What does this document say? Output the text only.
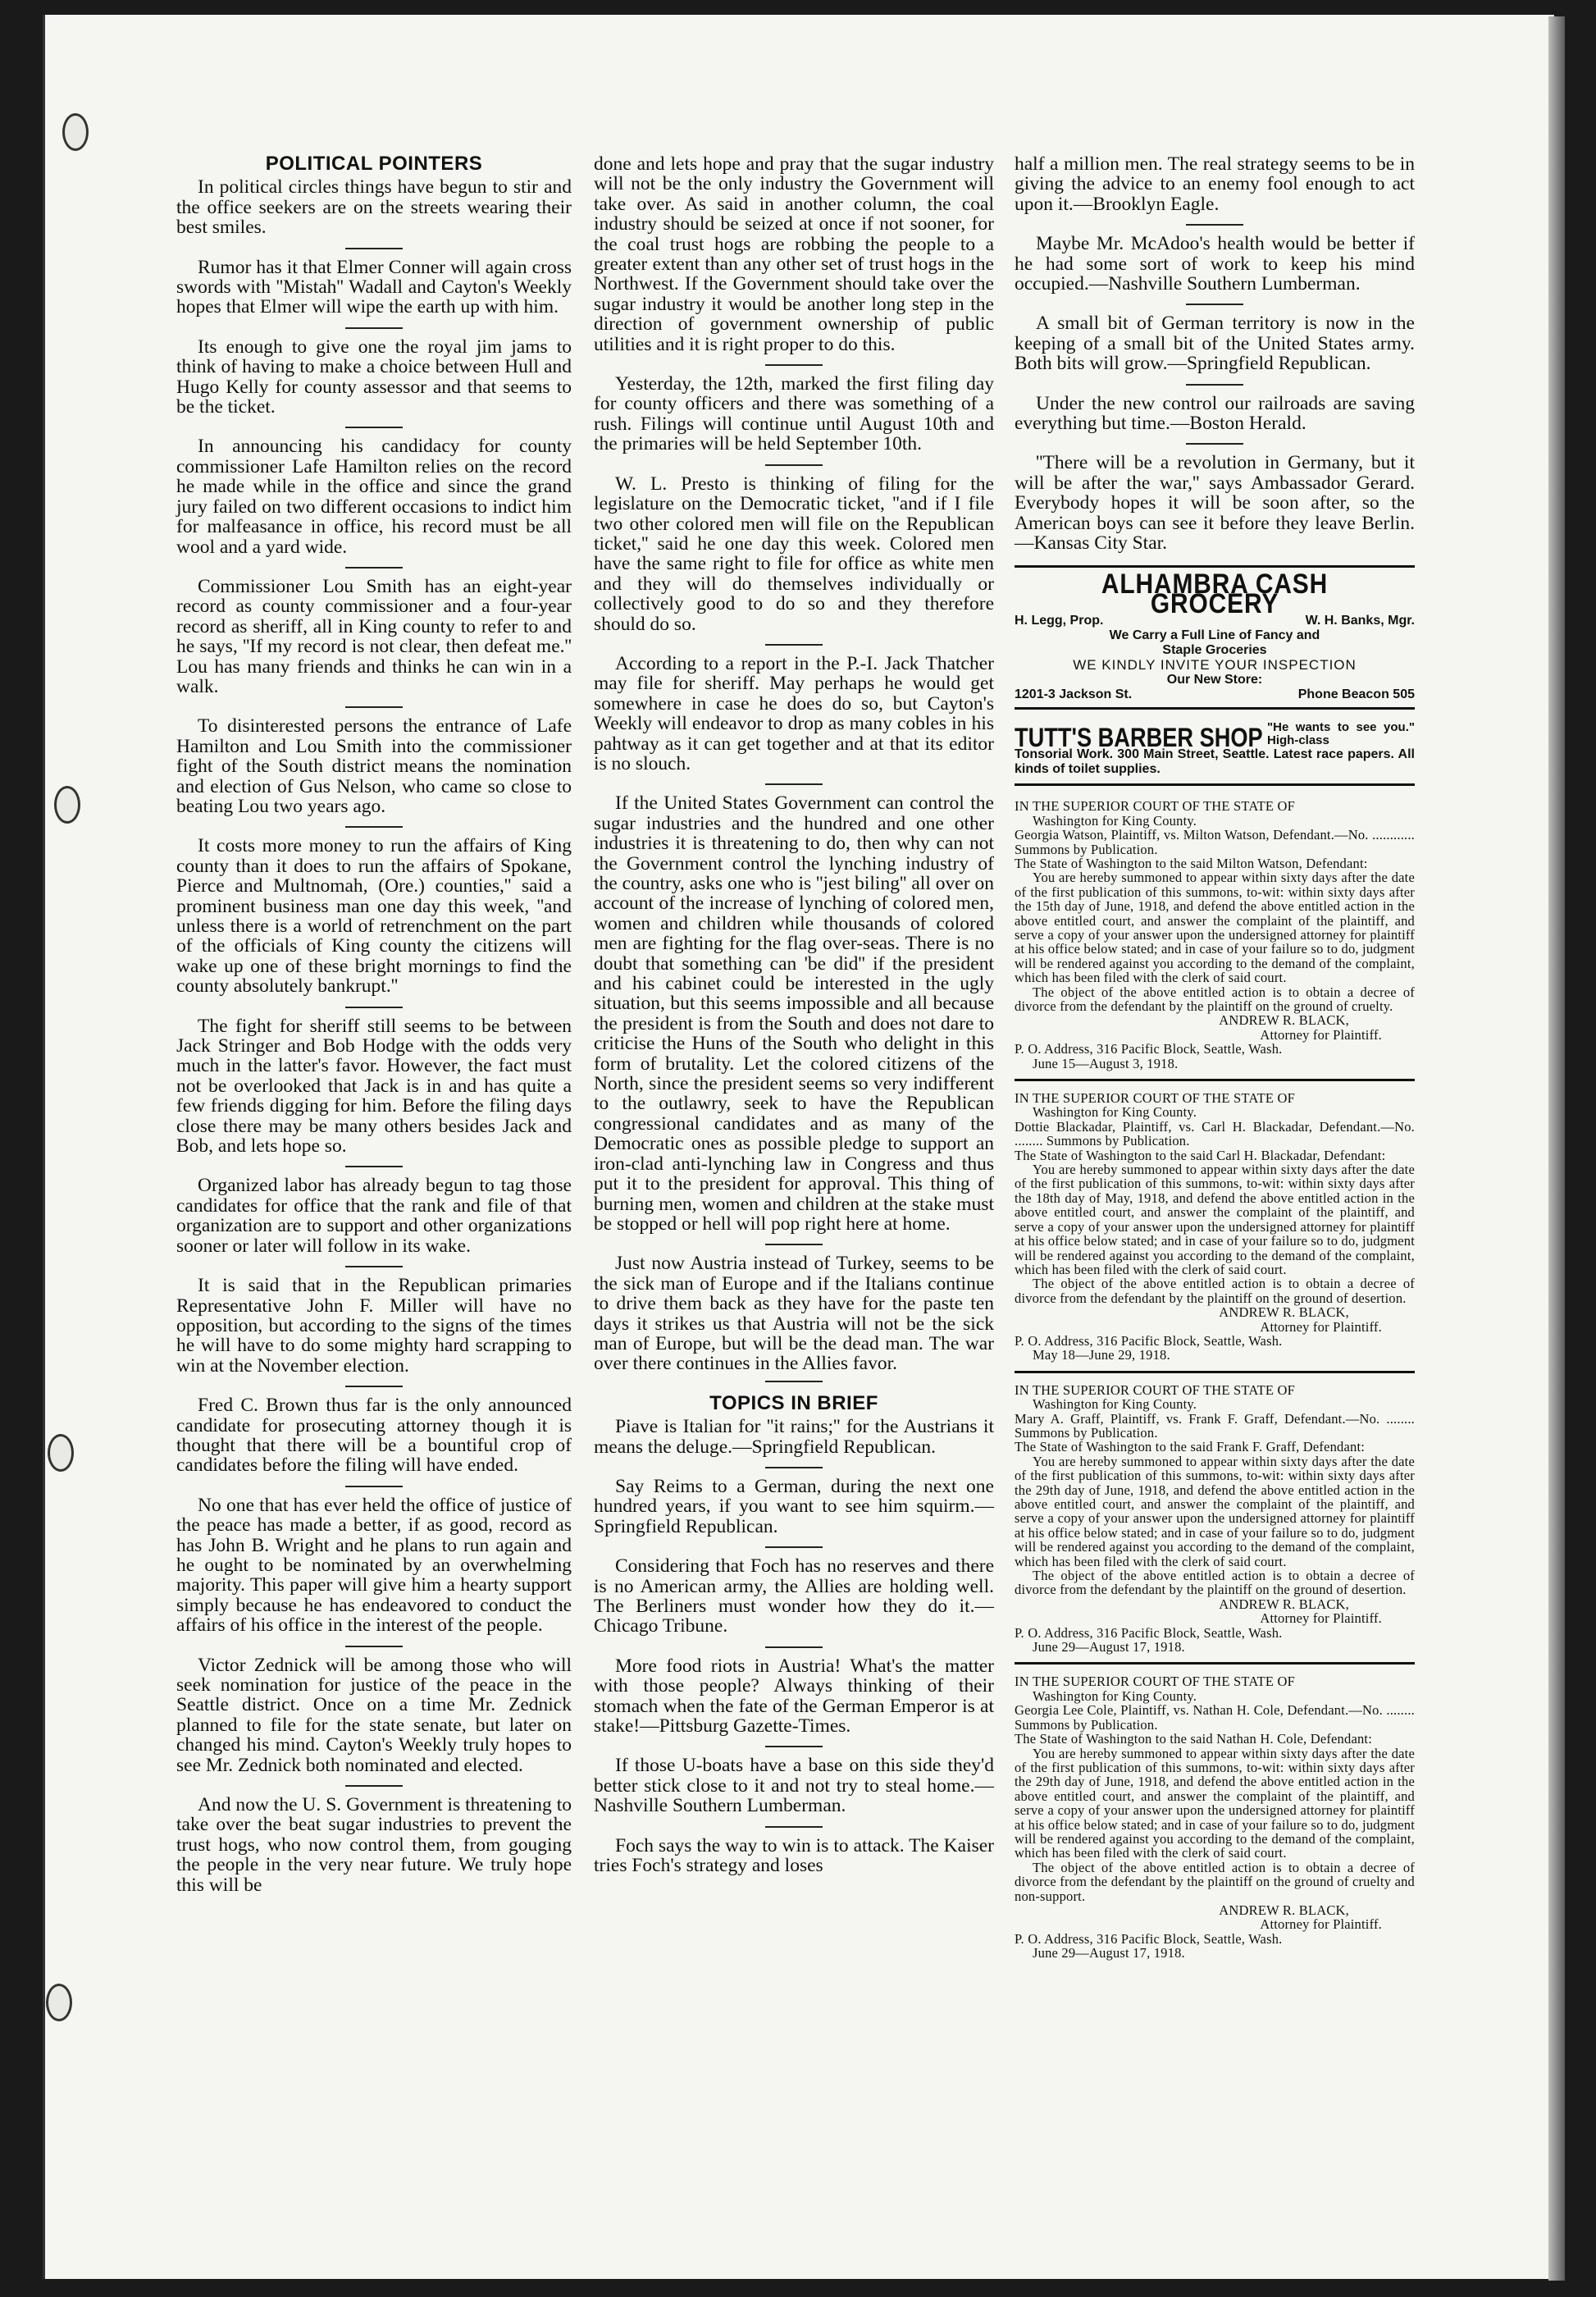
POLITICAL POINTERS

In political circles things have begun to stir and the office seekers are on the streets wearing their best smiles.

Rumor has it that Elmer Conner will again cross swords with ''Mistah'' Wadall and Cayton's Weekly hopes that Elmer will wipe the earth up with him.

Its enough to give one the royal jim jams to think of having to make a choice between Hull and Hugo Kelly for county assessor and that seems to be the ticket.

In announcing his candidacy for county commissioner Lafe Hamilton relies on the record he made while in the office and since the grand jury failed on two different occasions to indict him for malfeasance in office, his record must be all wool and a yard wide.

Commissioner Lou Smith has an eight-year record as county commissioner and a four-year record as sheriff, all in King county to refer to and he says, ''If my record is not clear, then defeat me.'' Lou has many friends and thinks he can win in a walk.

To disinterested persons the entrance of Lafe Hamilton and Lou Smith into the commissioner fight of the South district means the nomination and election of Gus Nelson, who came so close to beating Lou two years ago.

It costs more money to run the affairs of King county than it does to run the affairs of Spokane, Pierce and Multnomah, (Ore.) counties,'' said a prominent business man one day this week, ''and unless there is a world of retrenchment on the part of the officials of King county the citizens will wake up one of these bright mornings to find the county absolutely bankrupt.''

The fight for sheriff still seems to be between Jack Stringer and Bob Hodge with the odds very much in the latter's favor. However, the fact must not be overlooked that Jack is in and has quite a few friends digging for him. Before the filing days close there may be many others besides Jack and Bob, and lets hope so.

Organized labor has already begun to tag those candidates for office that the rank and file of that organization are to support and other organizations sooner or later will follow in its wake.

It is said that in the Republican primaries Representative John F. Miller will have no opposition, but according to the signs of the times he will have to do some mighty hard scrapping to win at the November election.

Fred C. Brown thus far is the only announced candidate for prosecuting attorney though it is thought that there will be a bountiful crop of candidates before the filing will have ended.

No one that has ever held the office of justice of the peace has made a better, if as good, record as has John B. Wright and he plans to run again and he ought to be nominated by an overwhelming majority. This paper will give him a hearty support simply because he has endeavored to conduct the affairs of his office in the interest of the people.

Victor Zednick will be among those who will seek nomination for justice of the peace in the Seattle district. Once on a time Mr. Zednick planned to file for the state senate, but later on changed his mind. Cayton's Weekly truly hopes to see Mr. Zednick both nominated and elected.

And now the U. S. Government is threatening to take over the beat sugar industries to prevent the trust hogs, who now control them, from gouging the people in the very near future. We truly hope this will be

done and lets hope and pray that the sugar industry will not be the only industry the Government will take over. As said in another column, the coal industry should be seized at once if not sooner, for the coal trust hogs are robbing the people to a greater extent than any other set of trust hogs in the Northwest. If the Government should take over the sugar industry it would be another long step in the direction of government ownership of public utilities and it is right proper to do this.

Yesterday, the 12th, marked the first filing day for county officers and there was something of a rush. Filings will continue until August 10th and the primaries will be held September 10th.

W. L. Presto is thinking of filing for the legislature on the Democratic ticket, ''and if I file two other colored men will file on the Republican ticket,'' said he one day this week. Colored men have the same right to file for office as white men and they will do themselves individually or collectively good to do so and they therefore should do so.

According to a report in the P.-I. Jack Thatcher may file for sheriff. May perhaps he would get somewhere in case he does do so, but Cayton's Weekly will endeavor to drop as many cobles in his pahtway as it can get together and at that its editor is no slouch.

If the United States Government can control the sugar industries and the hundred and one other industries it is threatening to do, then why can not the Government control the lynching industry of the country, asks one who is ''jest biling'' all over on account of the increase of lynching of colored men, women and children while thousands of colored men are fighting for the flag over-seas. There is no doubt that something can 'be did'' if the president and his cabinet could be interested in the ugly situation, but this seems impossible and all because the president is from the South and does not dare to criticise the Huns of the South who delight in this form of brutality. Let the colored citizens of the North, since the president seems so very indifferent to the outlawry, seek to have the Republican congressional candidates and as many of the Democratic ones as possible pledge to support an iron-clad anti-lynching law in Congress and thus put it to the president for approval. This thing of burning men, women and children at the stake must be stopped or hell will pop right here at home.

Just now Austria instead of Turkey, seems to be the sick man of Europe and if the Italians continue to drive them back as they have for the paste ten days it strikes us that Austria will not be the sick man of Europe, but will be the dead man. The war over there continues in the Allies favor.

TOPICS IN BRIEF

Piave is Italian for ''it rains;'' for the Austrians it means the deluge.—Springfield Republican.

Say Reims to a German, during the next one hundred years, if you want to see him squirm.—Springfield Republican.

Considering that Foch has no reserves and there is no American army, the Allies are holding well. The Berliners must wonder how they do it.—Chicago Tribune.

More food riots in Austria! What's the matter with those people? Always thinking of their stomach when the fate of the German Emperor is at stake!—Pittsburg Gazette-Times.

If those U-boats have a base on this side they'd better stick close to it and not try to steal home.—Nashville Southern Lumberman.

Foch says the way to win is to attack. The Kaiser tries Foch's strategy and loses

half a million men. The real strategy seems to be in giving the advice to an enemy fool enough to act upon it.—Brooklyn Eagle.

Maybe Mr. McAdoo's health would be better if he had some sort of work to keep his mind occupied.—Nashville Southern Lumberman.

A small bit of German territory is now in the keeping of a small bit of the United States army. Both bits will grow.—Springfield Republican.

Under the new control our railroads are saving everything but time.—Boston Herald.

''There will be a revolution in Germany, but it will be after the war,'' says Ambassador Gerard. Everybody hopes it will be soon after, so the American boys can see it before they leave Berlin.—Kansas City Star.

ALHAMBRA CASH GROCERY
H. Legg, Prop.	W. H. Banks, Mgr.
We Carry a Full Line of Fancy and
Staple Groceries
WE KINDLY INVITE YOUR INSPECTION
Our New Store:
1201-3 Jackson St.	Phone Beacon 505
TUTT'S BARBER SHOP "He wants to see you." High-class
Tonsorial Work. 300 Main Street, Seattle. Latest race papers. All kinds of toilet supplies.

IN THE SUPERIOR COURT OF THE STATE OF

Washington for King County.

Georgia Watson, Plaintiff, vs. Milton Watson, Defendant.—No. ............ Summons by Publication.

The State of Washington to the said Milton Watson, Defendant:

You are hereby summoned to appear within sixty days after the date of the first publication of this summons, to-wit: within sixty days after the 15th day of June, 1918, and defend the above entitled action in the above entitled court, and answer the complaint of the plaintiff, and serve a copy of your answer upon the undersigned attorney for plaintiff at his office below stated; and in case of your failure so to do, judgment will be rendered against you according to the demand of the complaint, which has been filed with the clerk of said court.

The object of the above entitled action is to obtain a decree of divorce from the defendant by the plaintiff on the ground of cruelty.

ANDREW R. BLACK,

Attorney for Plaintiff.

P. O. Address, 316 Pacific Block, Seattle, Wash.

June 15—August 3, 1918.

IN THE SUPERIOR COURT OF THE STATE OF

Washington for King County.

Dottie Blackadar, Plaintiff, vs. Carl H. Blackadar, Defendant.—No. ........ Summons by Publication.

The State of Washington to the said Carl H. Blackadar, Defendant:

You are hereby summoned to appear within sixty days after the date of the first publication of this summons, to-wit: within sixty days after the 18th day of May, 1918, and defend the above entitled action in the above entitled court, and answer the complaint of the plaintiff, and serve a copy of your answer upon the undersigned attorney for plaintiff at his office below stated; and in case of your failure so to do, judgment will be rendered against you according to the demand of the complaint, which has been filed with the clerk of said court.

The object of the above entitled action is to obtain a decree of divorce from the defendant by the plaintiff on the ground of desertion.

ANDREW R. BLACK,

Attorney for Plaintiff.

P. O. Address, 316 Pacific Block, Seattle, Wash.

May 18—June 29, 1918.

IN THE SUPERIOR COURT OF THE STATE OF

Washington for King County.

Mary A. Graff, Plaintiff, vs. Frank F. Graff, Defendant.—No. ........ Summons by Publication.

The State of Washington to the said Frank F. Graff, Defendant:

You are hereby summoned to appear within sixty days after the date of the first publication of this summons, to-wit: within sixty days after the 29th day of June, 1918, and defend the above entitled action in the above entitled court, and answer the complaint of the plaintiff, and serve a copy of your answer upon the undersigned attorney for plaintiff at his office below stated; and in case of your failure so to do, judgment will be rendered against you according to the demand of the complaint, which has been filed with the clerk of said court.

The object of the above entitled action is to obtain a decree of divorce from the defendant by the plaintiff on the ground of desertion.

ANDREW R. BLACK,

Attorney for Plaintiff.

P. O. Address, 316 Pacific Block, Seattle, Wash.

June 29—August 17, 1918.

IN THE SUPERIOR COURT OF THE STATE OF

Washington for King County.

Georgia Lee Cole, Plaintiff, vs. Nathan H. Cole, Defendant.—No. ........ Summons by Publication.

The State of Washington to the said Nathan H. Cole, Defendant:

You are hereby summoned to appear within sixty days after the date of the first publication of this summons, to-wit: within sixty days after the 29th day of June, 1918, and defend the above entitled action in the above entitled court, and answer the complaint of the plaintiff, and serve a copy of your answer upon the undersigned attorney for plaintiff at his office below stated; and in case of your failure so to do, judgment will be rendered against you according to the demand of the complaint, which has been filed with the clerk of said court.

The object of the above entitled action is to obtain a decree of divorce from the defendant by the plaintiff on the ground of cruelty and non-support.

ANDREW R. BLACK,

Attorney for Plaintiff.

P. O. Address, 316 Pacific Block, Seattle, Wash.

June 29—August 17, 1918.
